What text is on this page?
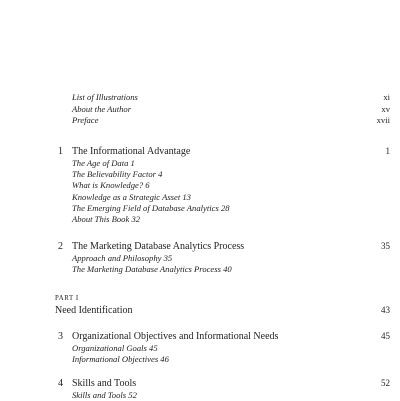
List of Illustrations	xi
About the Author	xv
Preface	xvii
1 The Informational Advantage	1
The Age of Data 1
The Believability Factor 4
What is Knowledge? 6
Knowledge as a Strategic Asset 13
The Emerging Field of Database Analytics 28
About This Book 32
2 The Marketing Database Analytics Process	35
Approach and Philosophy 35
The Marketing Database Analytics Process 40
PART I
Need Identification	43
3 Organizational Objectives and Informational Needs	45
Organizational Goals 45
Informational Objectives 46
4 Skills and Tools	52
Skills and Tools 52
